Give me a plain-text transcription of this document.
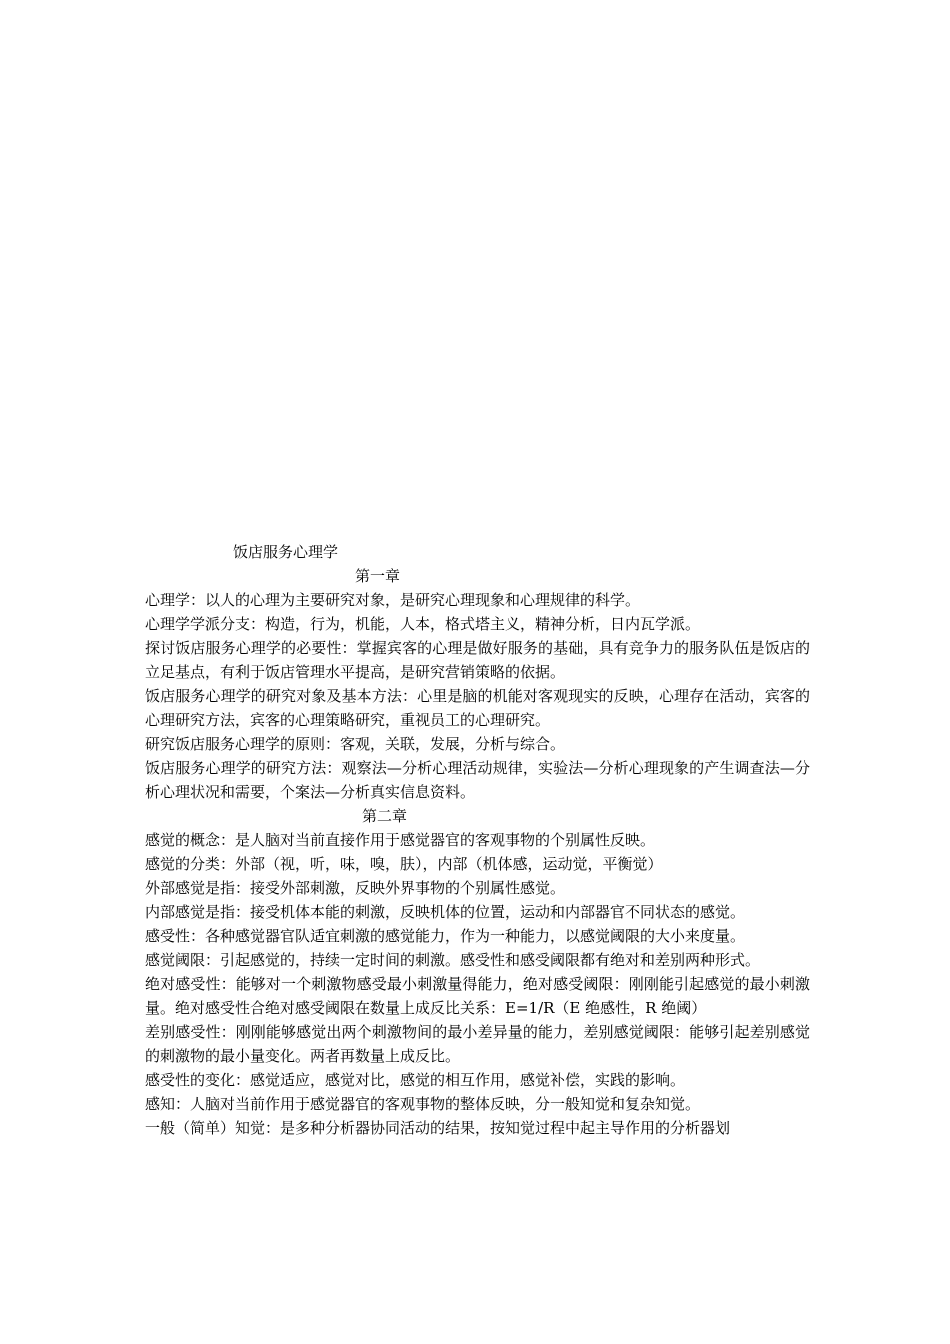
饭店服务心理学

第一章

心理学：以人的心理为主要研究对象，是研究心理现象和心理规律的科学。

心理学学派分支：构造，行为，机能，人本，格式塔主义，精神分析，日内瓦学派。

探讨饭店服务心理学的必要性：掌握宾客的心理是做好服务的基础，具有竞争力的服务队伍是饭店的立足基点，有利于饭店管理水平提高，是研究营销策略的依据。

饭店服务心理学的研究对象及基本方法：心里是脑的机能对客观现实的反映，心理存在活动，宾客的心理研究方法，宾客的心理策略研究，重视员工的心理研究。

研究饭店服务心理学的原则：客观，关联，发展，分析与综合。

饭店服务心理学的研究方法：观察法—分析心理活动规律，实验法—分析心理现象的产生调查法—分析心理状况和需要，个案法—分析真实信息资料。

第二章

感觉的概念：是人脑对当前直接作用于感觉器官的客观事物的个别属性反映。

感觉的分类：外部（视，听，味，嗅，肤），内部（机体感，运动觉，平衡觉）

外部感觉是指：接受外部刺激，反映外界事物的个别属性感觉。

内部感觉是指：接受机体本能的刺激，反映机体的位置，运动和内部器官不同状态的感觉。

感受性：各种感觉器官队适宜刺激的感觉能力，作为一种能力，以感觉阈限的大小来度量。

感觉阈限：引起感觉的，持续一定时间的刺激。感受性和感受阈限都有绝对和差别两种形式。

绝对感受性：能够对一个刺激物感受最小刺激量得能力，绝对感受阈限：刚刚能引起感觉的最小刺激量。绝对感受性合绝对感受阈限在数量上成反比关系：E=1/R（E 绝感性，R 绝阈）

差别感受性：刚刚能够感觉出两个刺激物间的最小差异量的能力，差别感觉阈限：能够引起差别感觉的刺激物的最小量变化。两者再数量上成反比。

感受性的变化：感觉适应，感觉对比，感觉的相互作用，感觉补偿，实践的影响。

感知：人脑对当前作用于感觉器官的客观事物的整体反映，分一般知觉和复杂知觉。

一般（简单）知觉：是多种分析器协同活动的结果，按知觉过程中起主导作用的分析器划
